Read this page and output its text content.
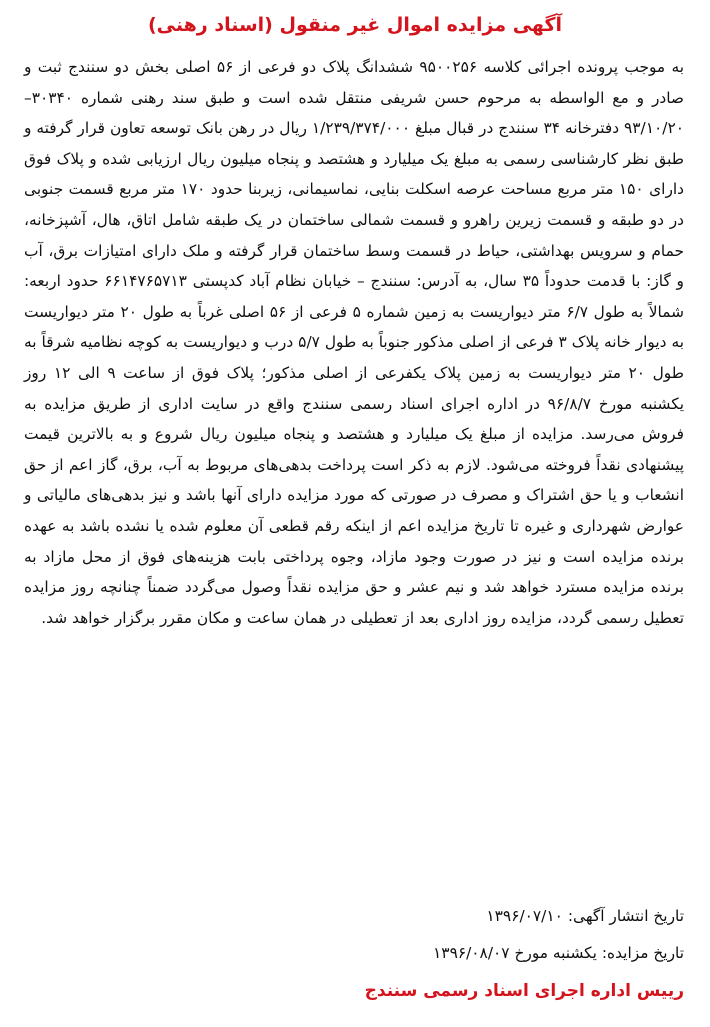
آگهی مزایده اموال غیر منقول (اسناد رهنی)

به موجب پرونده اجرائی کلاسه ۹۵۰۰۲۵۶ ششدانگ پلاک دو فرعی از ۵۶ اصلی بخش دو سنندج ثبت و صادر و مع الواسطه به مرحوم حسن شریفی منتقل شده است و طبق سند رهنی شماره ۳۰۳۴۰–۹۳/۱۰/۲۰ دفترخانه ۳۴ سنندج در قبال مبلغ ۱/۲۳۹/۳۷۴/۰۰۰ ریال در رهن بانک توسعه تعاون قرار گرفته و طبق نظر کارشناسی رسمی به مبلغ یک میلیارد و هشتصد و پنجاه میلیون ریال ارزیابی شده و پلاک فوق دارای ۱۵۰ متر مربع مساحت عرصه اسکلت بنایی، نماسیمانی، زیربنا حدود ۱۷۰ متر مربع قسمت جنوبی در دو طبقه و قسمت زیرین راهرو و قسمت شمالی ساختمان در یک طبقه شامل اتاق، هال، آشپزخانه، حمام و سرویس بهداشتی، حیاط در قسمت وسط ساختمان قرار گرفته و ملک دارای امتیازات برق، آب و گاز: با قدمت حدوداً ۳۵ سال، به آدرس: سنندج – خیابان نظام آباد کدپستی ۶۶۱۴۷۶۵۷۱۳ حدود اربعه: شمالاً به طول ۶/۷ متر دیواریست به زمین شماره ۵ فرعی از ۵۶ اصلی غرباً به طول ۲۰ متر دیواریست به دیوار خانه پلاک ۳ فرعی از اصلی مذکور جنوباً به طول ۵/۷ درب و دیواریست به کوچه نظامیه شرقاً به طول ۲۰ متر دیواریست به زمین پلاک یکفرعی از اصلی مذکور؛ پلاک فوق از ساعت ۹ الی ۱۲ روز یکشنبه مورخ ۹۶/۸/۷ در اداره اجرای اسناد رسمی سنندج واقع در سایت اداری از طریق مزایده به فروش می‌رسد. مزایده از مبلغ یک میلیارد و هشتصد و پنجاه میلیون ریال شروع و به بالاترین قیمت پیشنهادی نقداً فروخته می‌شود. لازم به ذکر است پرداخت بدهی‌های مربوط به آب، برق، گاز اعم از حق انشعاب و یا حق اشتراک و مصرف در صورتی که مورد مزایده دارای آنها باشد و نیز بدهی‌های مالیاتی و عوارض شهرداری و غیره تا تاریخ مزایده اعم از اینکه رقم قطعی آن معلوم شده یا نشده باشد به عهده برنده مزایده است و نیز در صورت وجود مازاد، وجوه پرداختی بابت هزینه‌های فوق از محل مازاد به برنده مزایده مسترد خواهد شد و نیم عشر و حق مزایده نقداً وصول می‌گردد ضمناً چنانچه روز مزایده تعطیل رسمی گردد، مزایده روز اداری بعد از تعطیلی در همان ساعت و مکان مقرر برگزار خواهد شد.

تاریخ انتشار آگهی: ۱۳۹۶/۰۷/۱۰
تاریخ مزایده: یکشنبه مورخ ۱۳۹۶/۰۸/۰۷
رییس اداره اجرای اسناد رسمی سنندج
